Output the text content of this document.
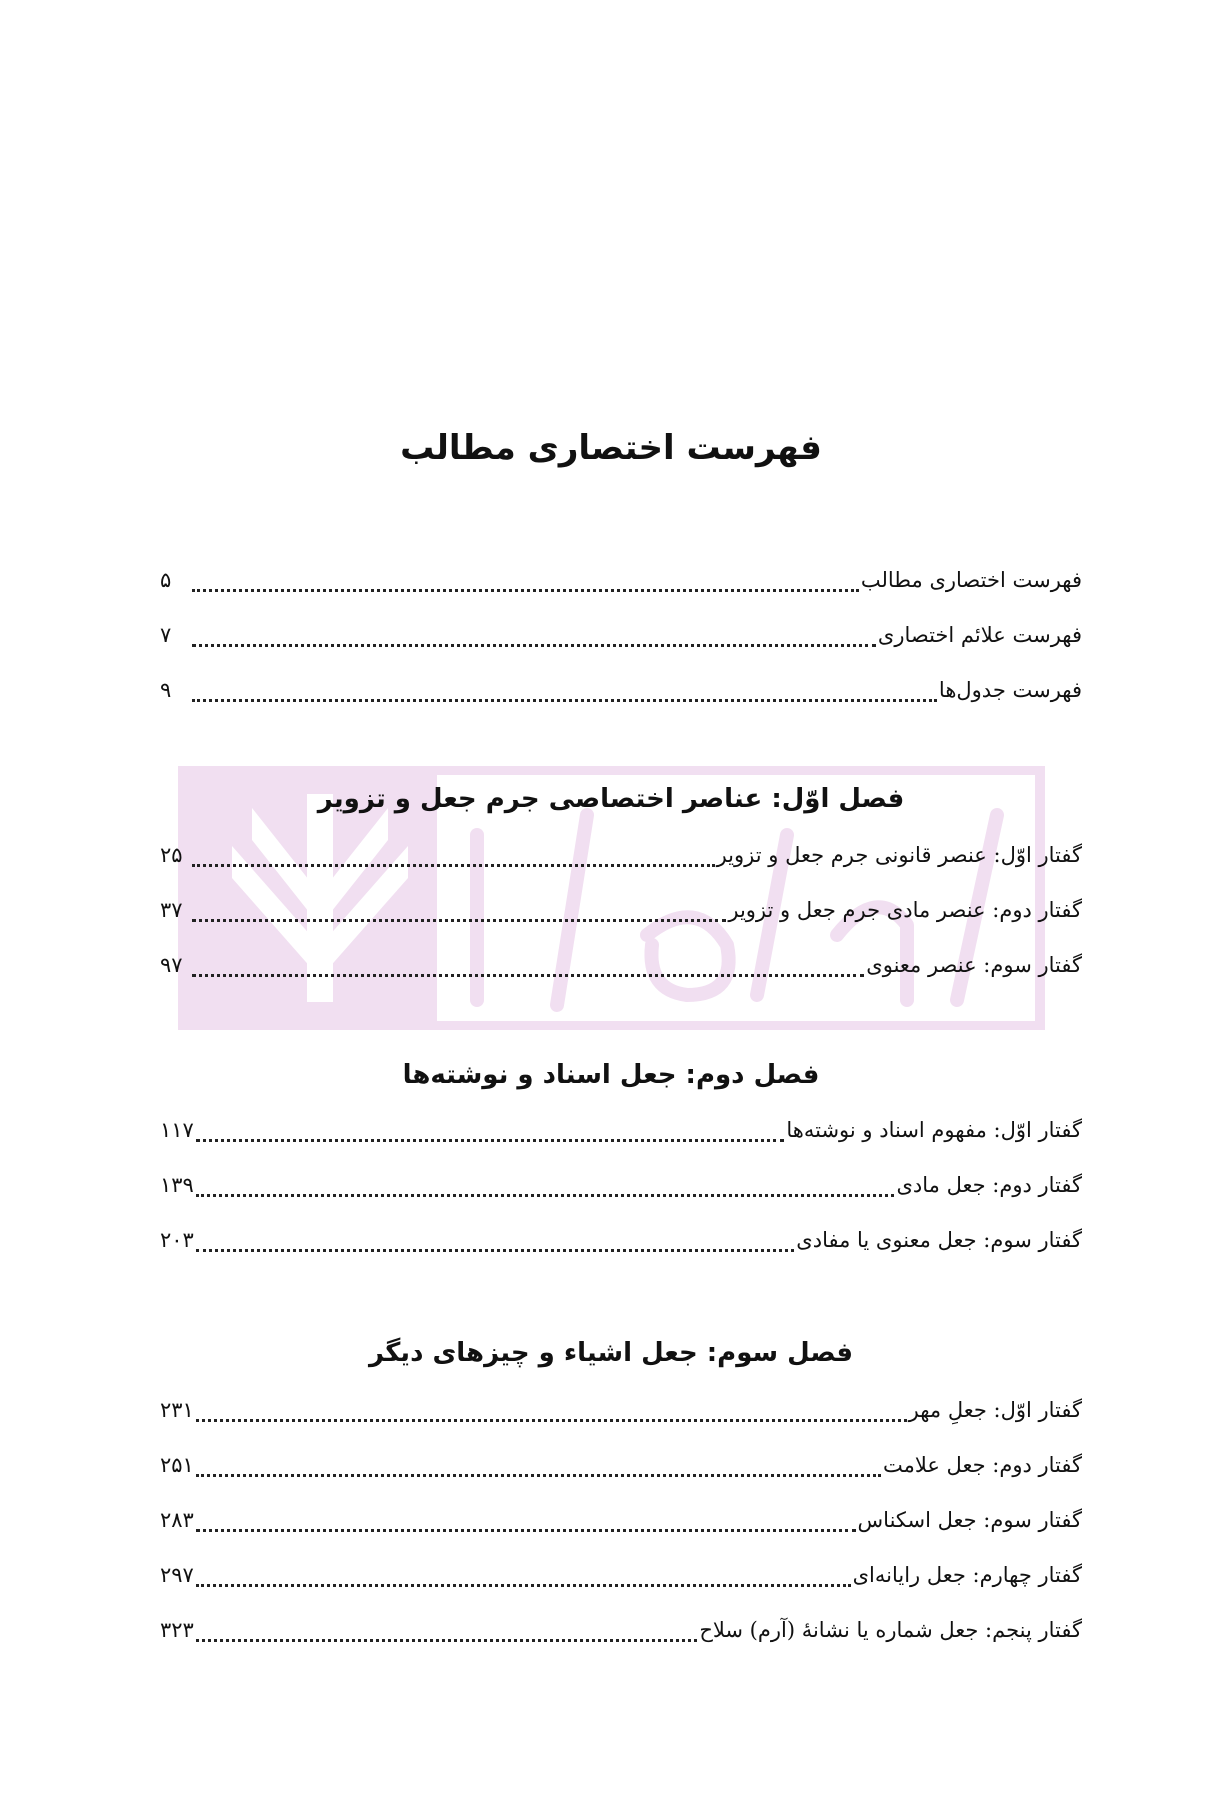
فهرست اختصاری مطالب
فهرست اختصاری مطالب
۵
فهرست علائم اختصاری
۷
فهرست جدول‌ها
۹
فصل اوّل: عناصر اختصاصی جرم جعل و تزویر
گفتار اوّل: عنصر قانونی جرم جعل و تزویر
۲۵
گفتار دوم: عنصر مادی جرم جعل و تزویر
۳۷
گفتار سوم: عنصر معنوی
۹۷
فصل دوم: جعل اسناد و نوشته‌ها
گفتار اوّل: مفهوم اسناد و نوشته‌ها
۱۱۷
گفتار دوم: جعل مادی
۱۳۹
گفتار سوم: جعل معنوی یا مفادی
۲۰۳
فصل سوم: جعل اشیاء و چیزهای دیگر
گفتار اوّل: جعلِ مهر
۲۳۱
گفتار دوم: جعل علامت
۲۵۱
گفتار سوم: جعل اسکناس
۲۸۳
گفتار چهارم: جعل رایانه‌ای
۲۹۷
گفتار پنجم: جعل شماره یا نشانهٔ (آرم) سلاح
۳۲۳
